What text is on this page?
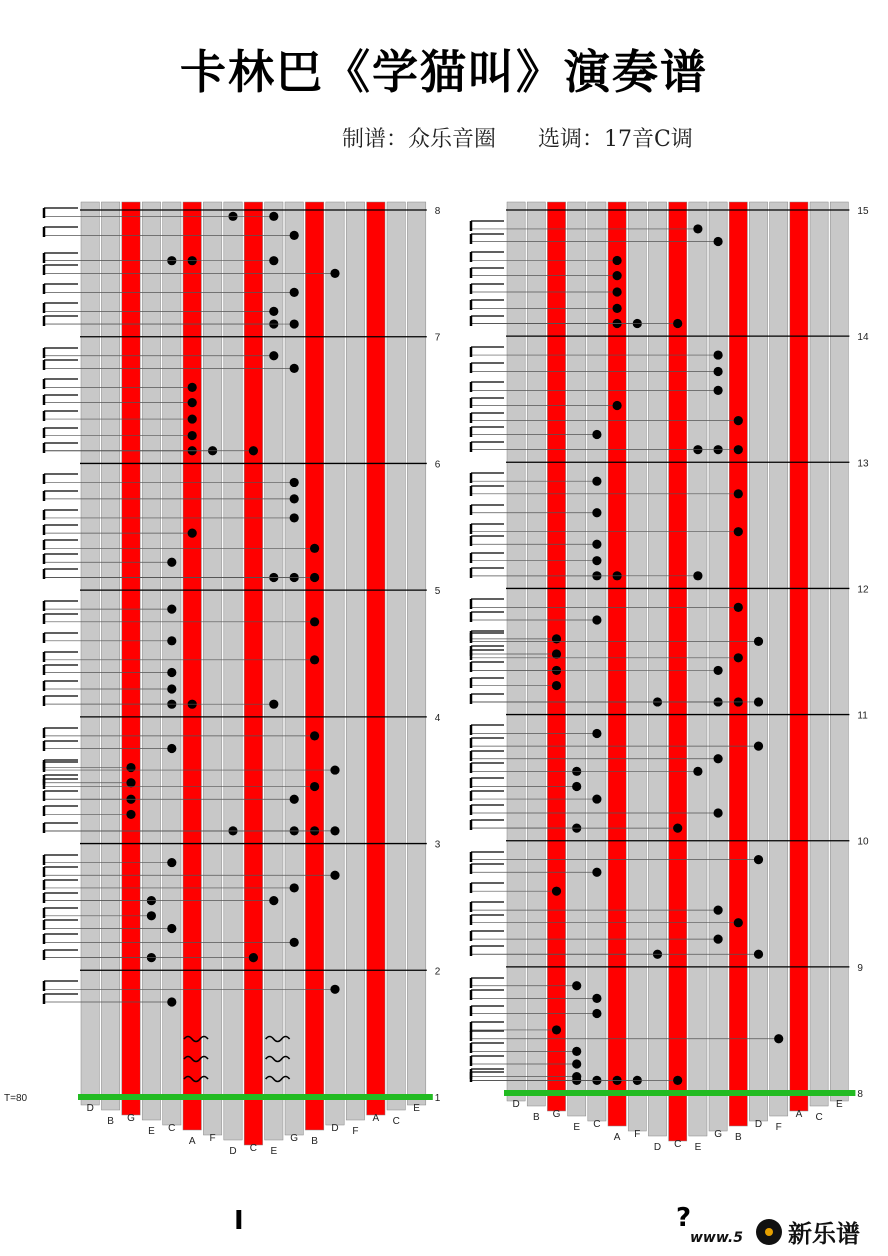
卡林巴《学猫叫》演奏谱
制谱：众乐音圈 选调：17音C调
D
B G
E C
A F
D C E
G B
D F
A C
E
1
2
3
4
5
6
7
8
T=80
D
B G
E C
A F
D C E
G B
D F
A C
E
8
9
10
11
12
13
14
15
I	?
www.5 新乐谱
